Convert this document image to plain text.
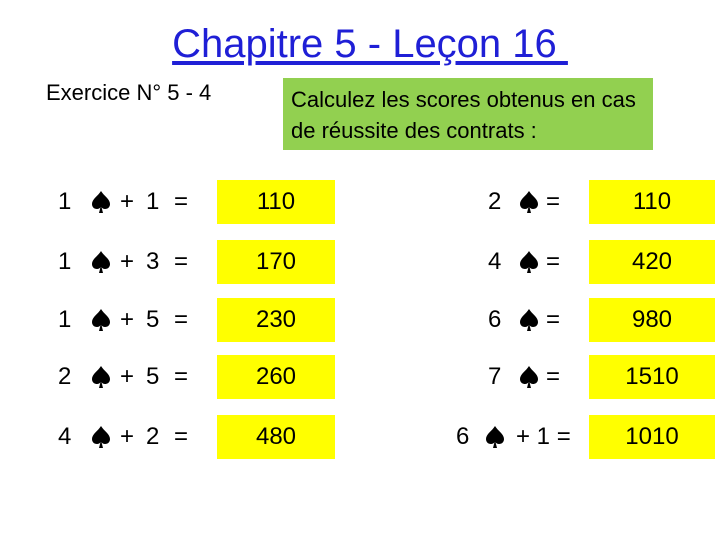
Chapitre 5 - Leçon 16
Exercice N° 5 - 4	Calculez les scores obtenus en cas de réussite des contrats :
1 + 1 =	110
1 + 3 =	170
1 + 5 =	230
2 + 5 =	260
4 + 2 =	480
2 =	110
4 =	420
6 =	980
7 =	1510
6 + 1 =	1010
